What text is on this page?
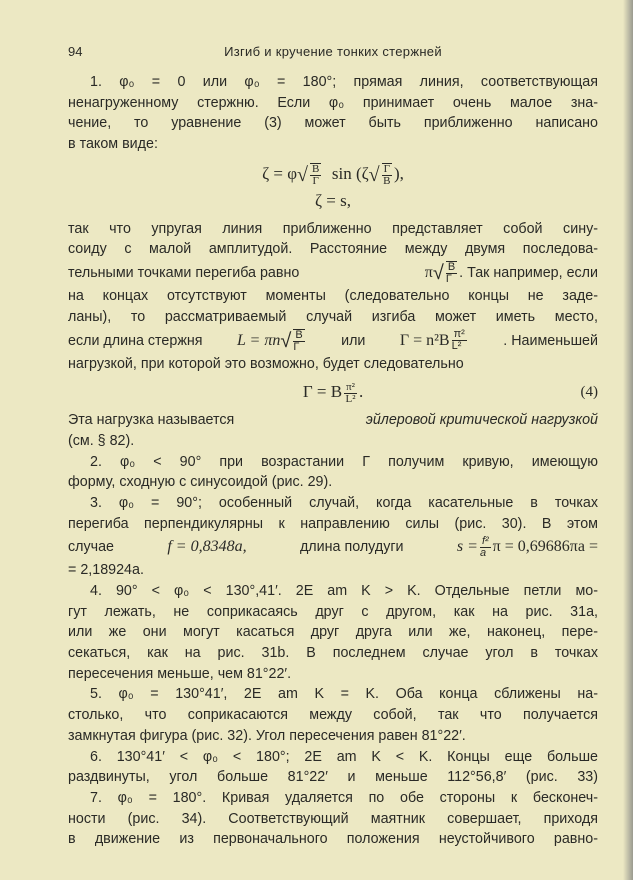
94	Изгиб и кручение тонких стержней
1. φ₀ = 0 или φ₀ = 180°; прямая линия, соответствующая
ненагруженному стержню. Если φ₀ принимает очень малое зна-
чение, то уравнение (3) может быть приближенно написано
в таком виде:
$\zeta = \varphi√ \frac{B}{\Gamma}$ $\sin (\zeta√ \frac{\Gamma}{B}$ ),
ζ = s,
так что упругая линия приближенно представляет собой сину-
соиду с малой амплитудой. Расстояние между двумя последова-
тельными точками перегиба равно	$\pi√ \frac{B}{\Gamma}$ . Так например, если
на концах отсутствуют моменты (следовательно концы не заде-
ланы), то рассматриваемый случай изгиба может иметь место,
если длина стержня $L = \pi n√ \frac{B}{\Gamma}$	или $\Gamma = n^2B \frac{\text{π²}}{\text{L²}}$	. Наименьшей
нагрузкой, при которой это возможно, будет следовательно
Γ = B $\frac{\text{π²}}{\text{L²}}$ .	(4)
Эта нагрузка называется	эйлеровой критической нагрузкой
(см. § 82).
2. φ₀ < 90° при возрастании Γ получим кривую, имеющую
форму, сходную с синусоидой (рис. 29).
3. φ₀ = 90°; особенный случай, когда касательные в точках
перегиба перпендикулярны к направлению силы (рис. 30). В этом
случае	f = 0,8348a,	длина полудуги	$s = \frac{\text{f²}}{a}$ π = 0,69686πa =
= 2,18924a.
4. 90° < φ₀ < 130°,41′. 2E am K > K. Отдельные петли мо-
гут лежать, не соприкасаясь друг с другом, как на рис. 31a,
или же они могут касаться друг друга или же, наконец, пере-
секаться, как на рис. 31b. В последнем случае угол в точках
пересечения меньше, чем 81°22′.
5. φ₀ = 130°41′, 2E am K = K. Оба конца сближены на-
столько, что соприкасаются между собой, так что получается
замкнутая фигура (рис. 32). Угол пересечения равен 81°22′.
6. 130°41′ < φ₀ < 180°; 2E am K < K. Концы еще больше
раздвинуты, угол больше 81°22′ и меньше 112°56,8′ (рис. 33)
7. φ₀ = 180°. Кривая удаляется по обе стороны к бесконеч-
ности (рис. 34). Соответствующий маятник совершает, приходя
в движение из первоначального положения неустойчивого равно-
